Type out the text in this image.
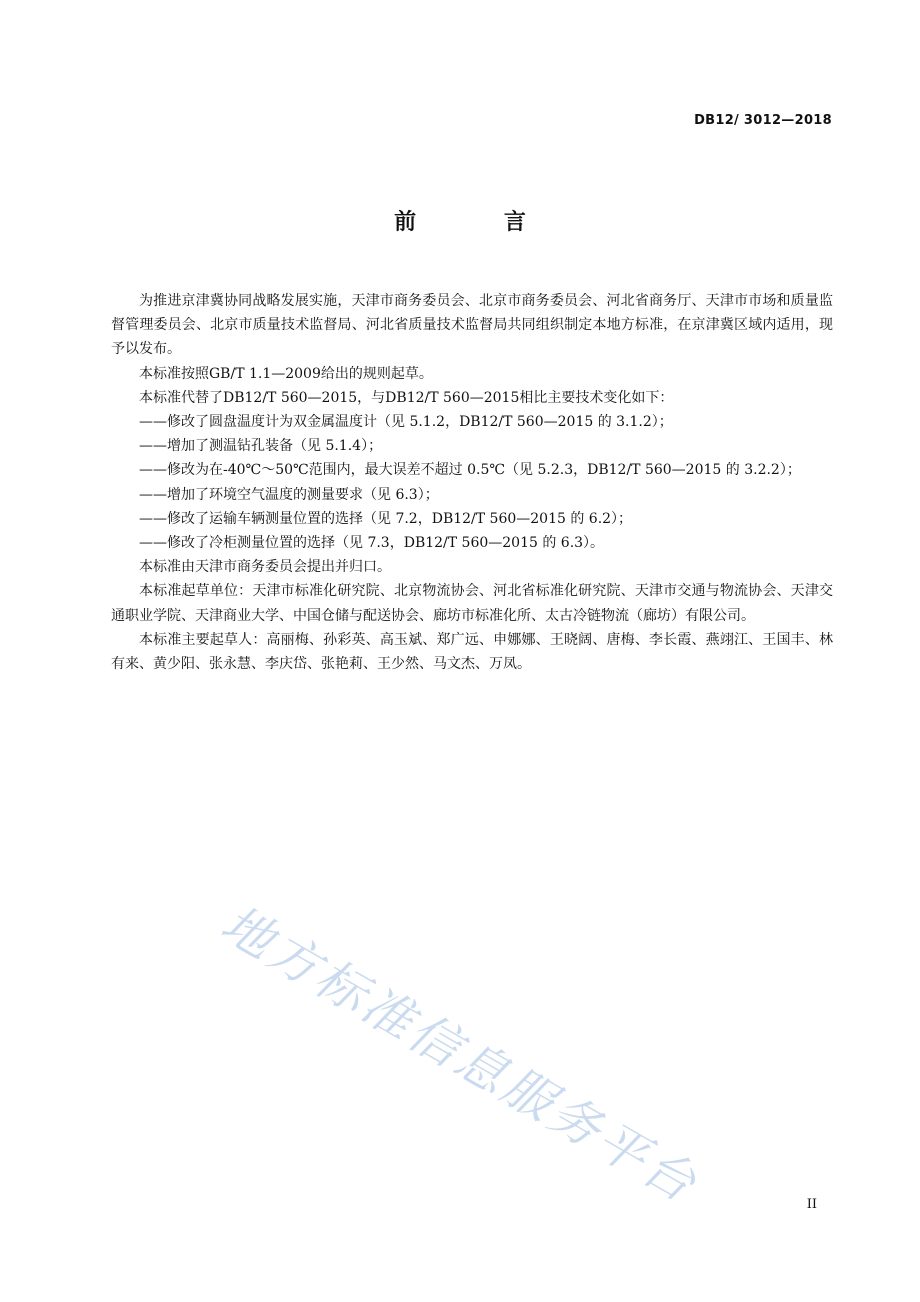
DB12/ 3012—2018
前 言

为推进京津冀协同战略发展实施，天津市商务委员会、北京市商务委员会、河北省商务厅、天津市市场和质量监督管理委员会、北京市质量技术监督局、河北省质量技术监督局共同组织制定本地方标准，在京津冀区域内适用，现予以发布。

本标准按照GB/T 1.1—2009给出的规则起草。

本标准代替了DB12/T 560—2015，与DB12/T 560—2015相比主要技术变化如下：

——修改了圆盘温度计为双金属温度计（见 5.1.2，DB12/T 560—2015 的 3.1.2）；

——增加了测温钻孔装备（见 5.1.4）；

——修改为在-40℃～50℃范围内，最大误差不超过 0.5℃（见 5.2.3，DB12/T 560—2015 的 3.2.2）；

——增加了环境空气温度的测量要求（见 6.3）；

——修改了运输车辆测量位置的选择（见 7.2，DB12/T 560—2015 的 6.2）；

——修改了冷柜测量位置的选择（见 7.3，DB12/T 560—2015 的 6.3）。

本标准由天津市商务委员会提出并归口。

本标准起草单位：天津市标准化研究院、北京物流协会、河北省标准化研究院、天津市交通与物流协会、天津交通职业学院、天津商业大学、中国仓储与配送协会、廊坊市标准化所、太古冷链物流（廊坊）有限公司。

本标准主要起草人：高丽梅、孙彩英、高玉斌、郑广远、申娜娜、王晓阔、唐梅、李长霞、燕翊江、王国丰、林有来、黄少阳、张永慧、李庆岱、张艳莉、王少然、马文杰、万凤。

地方标准信息服务平台	II
